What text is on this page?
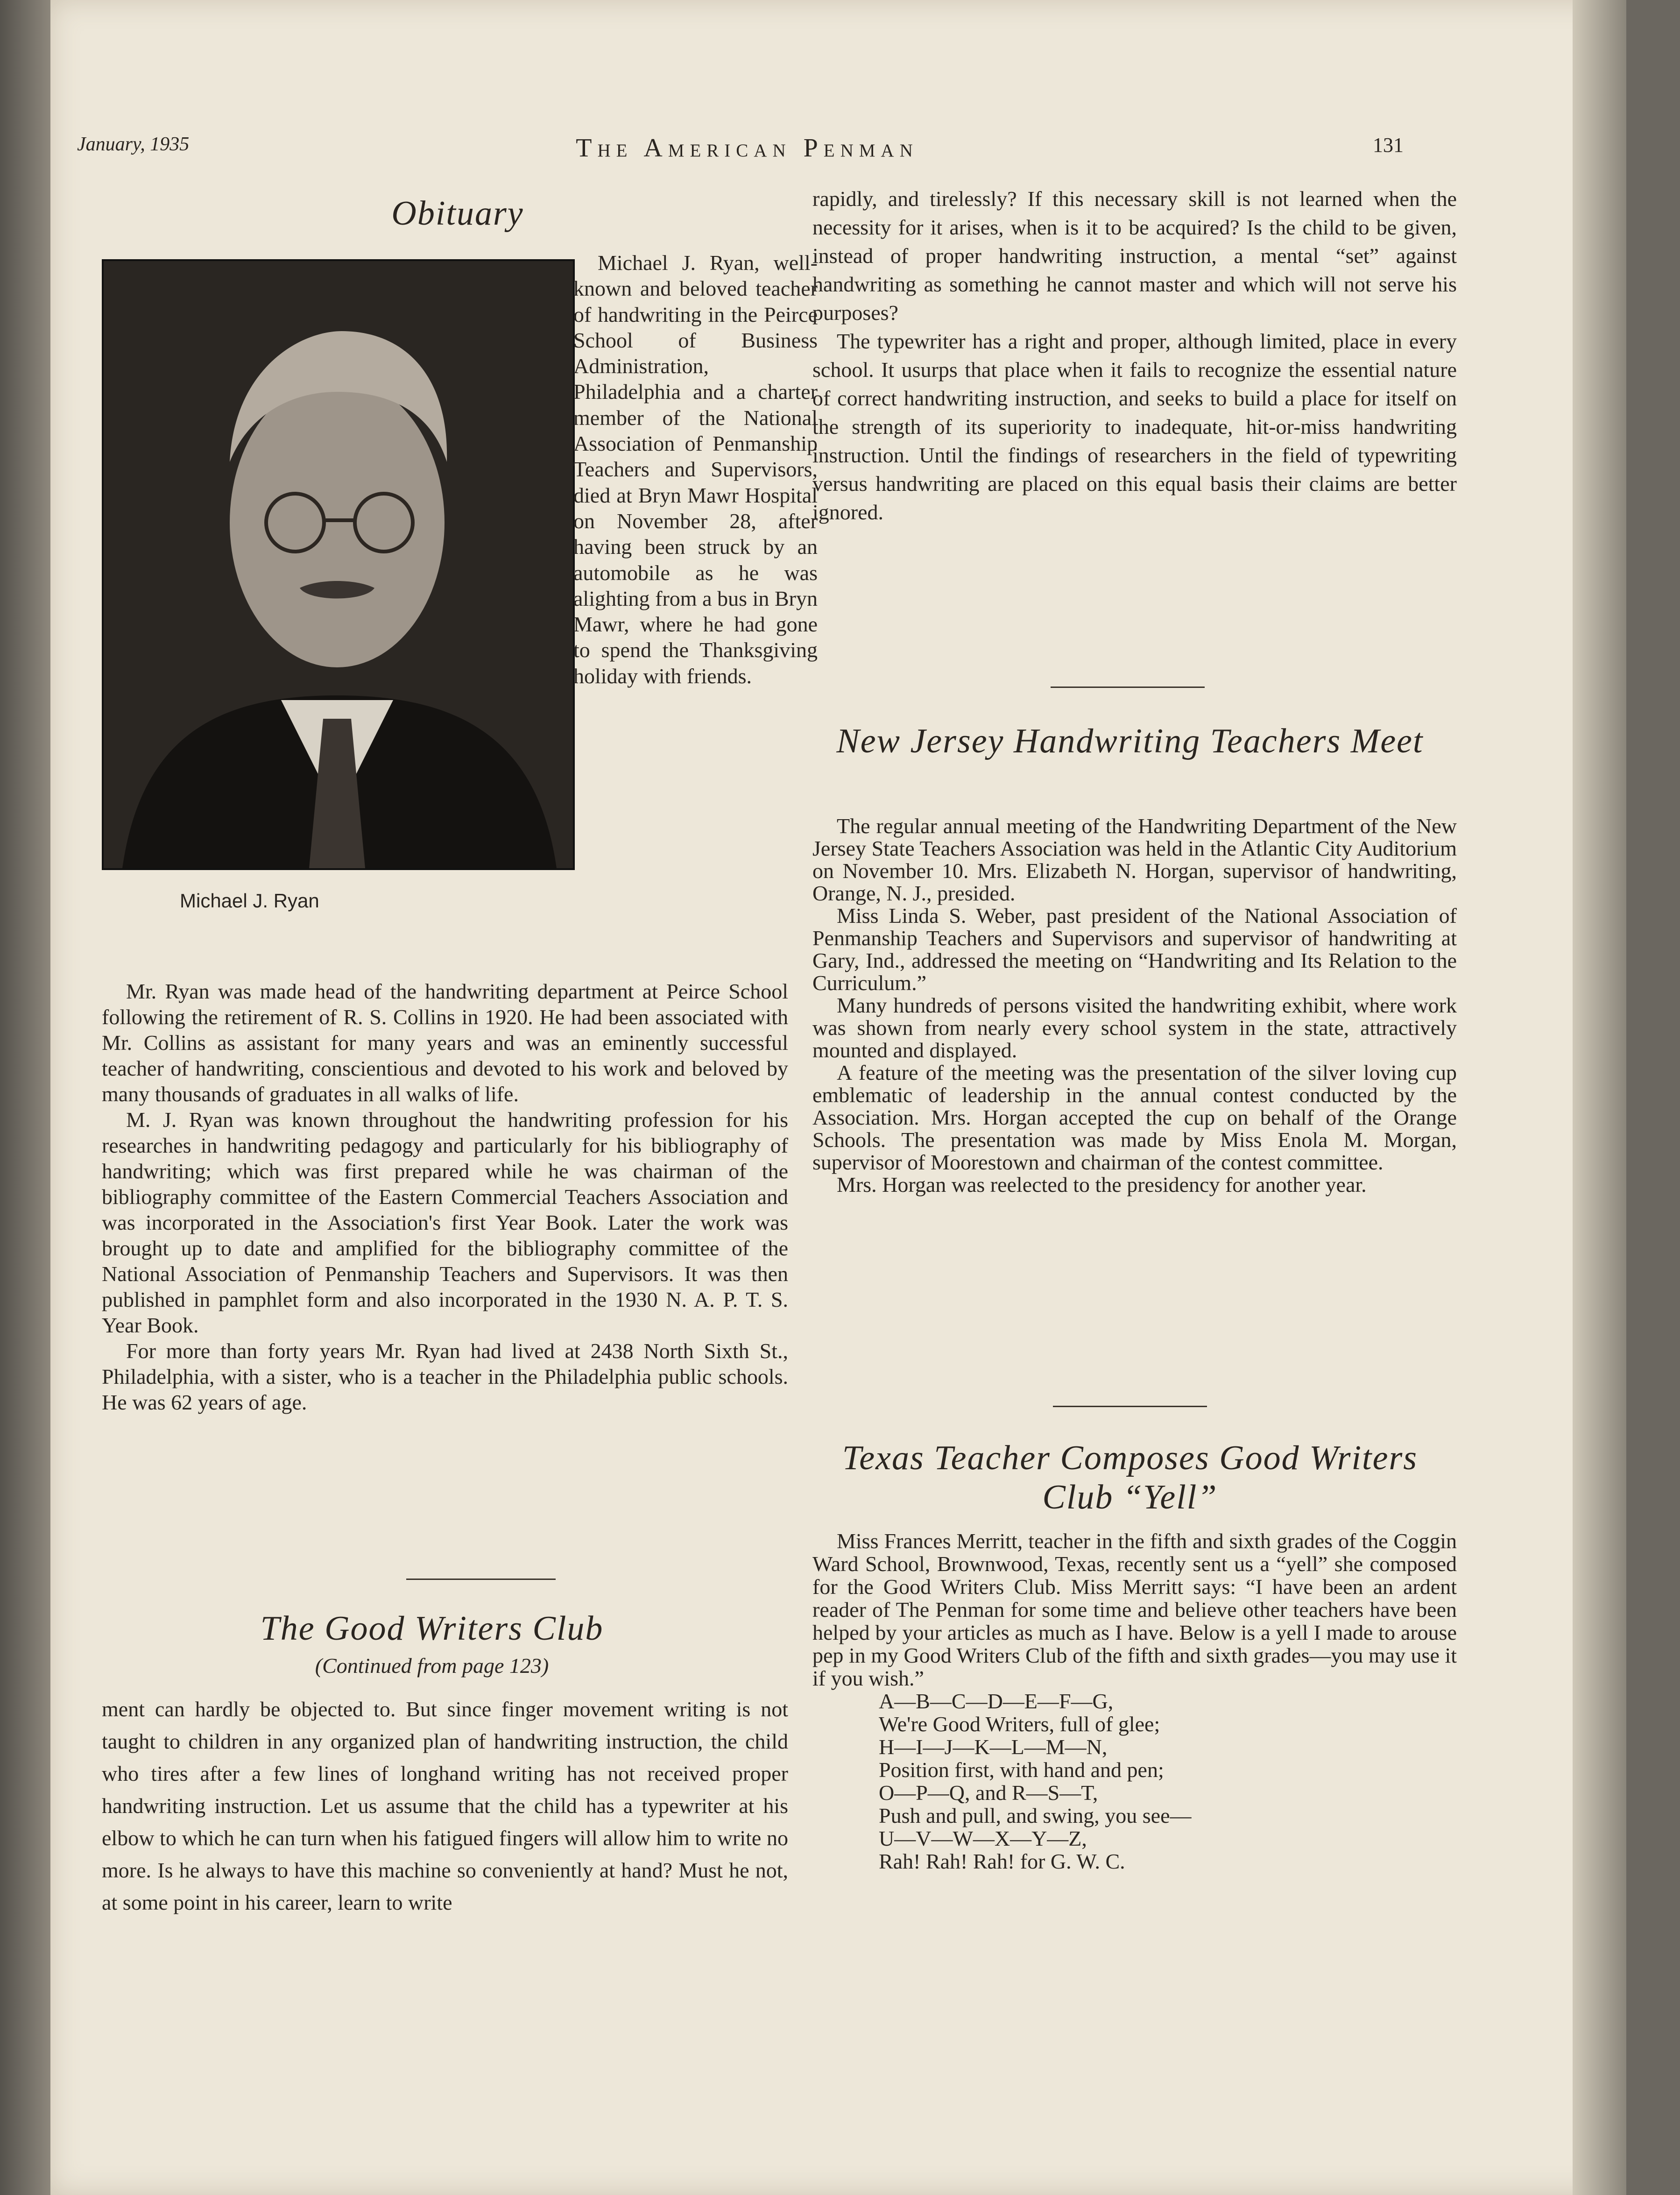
January, 1935	The American Penman	131
Obituary
Michael J. Ryan

Michael J. Ryan, well-known and beloved teacher of handwriting in the Peirce School of Business Administration, Philadelphia and a charter member of the National Association of Penmanship Teachers and Supervisors, died at Bryn Mawr Hospital on November 28, after having been struck by an automobile as he was alighting from a bus in Bryn Mawr, where he had gone to spend the Thanksgiving holiday with friends.

Mr. Ryan was made head of the handwriting department at Peirce School following the retirement of R. S. Collins in 1920. He had been associated with Mr. Collins as assistant for many years and was an eminently successful teacher of handwriting, conscientious and devoted to his work and beloved by many thousands of graduates in all walks of life.

M. J. Ryan was known throughout the handwriting profession for his researches in handwriting pedagogy and particularly for his bibliography of handwriting; which was first prepared while he was chairman of the bibliography committee of the Eastern Commercial Teachers Association and was incorporated in the Association's first Year Book. Later the work was brought up to date and amplified for the bibliography committee of the National Association of Penmanship Teachers and Supervisors. It was then published in pamphlet form and also incorporated in the 1930 N. A. P. T. S. Year Book.

For more than forty years Mr. Ryan had lived at 2438 North Sixth St., Philadelphia, with a sister, who is a teacher in the Philadelphia public schools. He was 62 years of age.

The Good Writers Club
(Continued from page 123)

ment can hardly be objected to. But since finger movement writing is not taught to children in any organized plan of handwriting instruction, the child who tires after a few lines of longhand writing has not received proper handwriting instruction. Let us assume that the child has a typewriter at his elbow to which he can turn when his fatigued fingers will allow him to write no more. Is he always to have this machine so conveniently at hand? Must he not, at some point in his career, learn to write

rapidly, and tirelessly? If this necessary skill is not learned when the necessity for it arises, when is it to be acquired? Is the child to be given, instead of proper handwriting instruction, a mental “set” against handwriting as something he cannot master and which will not serve his purposes?

The typewriter has a right and proper, although limited, place in every school. It usurps that place when it fails to recognize the essential nature of correct handwriting instruction, and seeks to build a place for itself on the strength of its superiority to inadequate, hit-or-miss handwriting instruction. Until the findings of researchers in the field of typewriting versus handwriting are placed on this equal basis their claims are better ignored.

New Jersey Handwriting Teachers Meet

The regular annual meeting of the Handwriting Department of the New Jersey State Teachers Association was held in the Atlantic City Auditorium on November 10. Mrs. Elizabeth N. Horgan, supervisor of handwriting, Orange, N. J., presided.

Miss Linda S. Weber, past president of the National Association of Penmanship Teachers and Supervisors and supervisor of handwriting at Gary, Ind., addressed the meeting on “Handwriting and Its Relation to the Curriculum.”

Many hundreds of persons visited the handwriting exhibit, where work was shown from nearly every school system in the state, attractively mounted and displayed.

A feature of the meeting was the presentation of the silver loving cup emblematic of leadership in the annual contest conducted by the Association. Mrs. Horgan accepted the cup on behalf of the Orange Schools. The presentation was made by Miss Enola M. Morgan, supervisor of Moorestown and chairman of the contest committee.

Mrs. Horgan was reelected to the presidency for another year.

Texas Teacher Composes Good Writers Club “Yell”

Miss Frances Merritt, teacher in the fifth and sixth grades of the Coggin Ward School, Brownwood, Texas, recently sent us a “yell” she composed for the Good Writers Club. Miss Merritt says: “I have been an ardent reader of The Penman for some time and believe other teachers have been helped by your articles as much as I have. Below is a yell I made to arouse pep in my Good Writers Club of the fifth and sixth grades—you may use it if you wish.”

A—B—C—D—E—F—G,

We're Good Writers, full of glee;

H—I—J—K—L—M—N,

Position first, with hand and pen;

O—P—Q, and R—S—T,

Push and pull, and swing, you see—

U—V—W—X—Y—Z,

Rah! Rah! Rah! for G. W. C.
